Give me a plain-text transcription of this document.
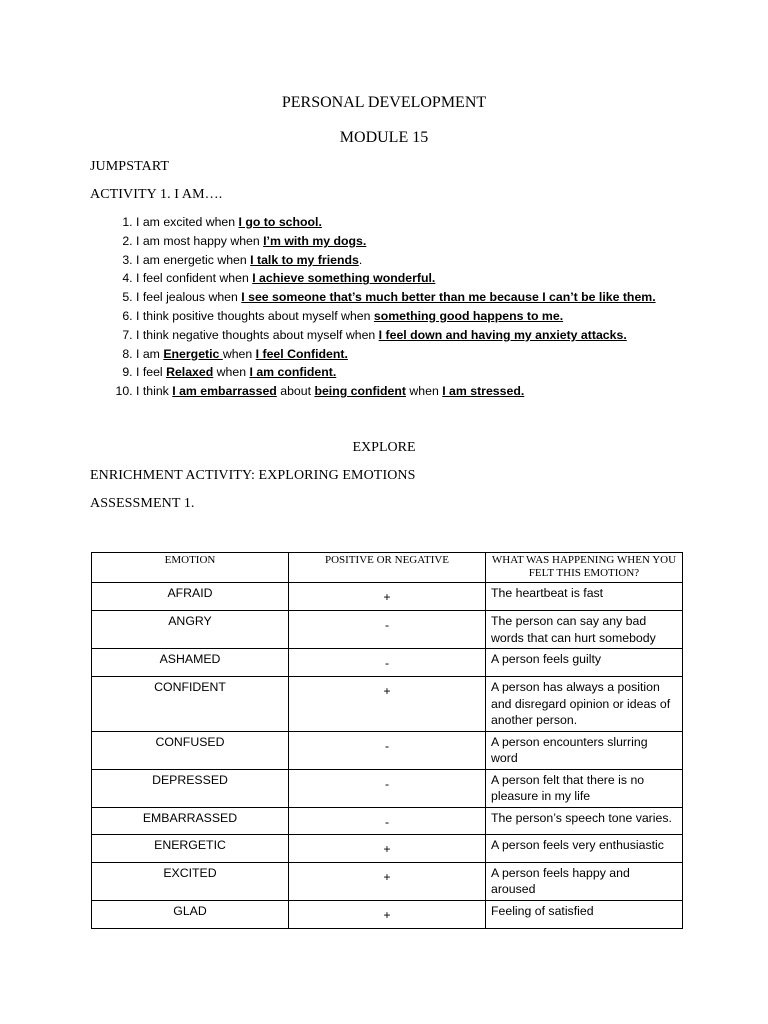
PERSONAL DEVELOPMENT
MODULE 15
JUMPSTART
ACTIVITY 1. I AM….
1. I am excited when I go to school.
2. I am most happy when I’m with my dogs.
3. I am energetic when I talk to my friends.
4. I feel confident when I achieve something wonderful.
5. I feel jealous when I see someone that’s much better than me because I can’t be like them.
6. I think positive thoughts about myself when something good happens to me.
7. I think negative thoughts about myself when I feel down and having my anxiety attacks.
8. I am Energetic when I feel Confident.
9. I feel Relaxed when I am confident.
10. I think I am embarrassed about being confident when I am stressed.
EXPLORE
ENRICHMENT ACTIVITY: EXPLORING EMOTIONS
ASSESSMENT 1.
EMOTION	POSITIVE OR NEGATIVE	WHAT WAS HAPPENING WHEN YOU FELT THIS EMOTION?
AFRAID	+	The heartbeat is fast
ANGRY	-	The person can say any bad words that can hurt somebody
ASHAMED	-	A person feels guilty
CONFIDENT	+	A person has always a position and disregard opinion or ideas of another person.
CONFUSED	-	A person encounters slurring word
DEPRESSED	-	A person felt that there is no pleasure in my life
EMBARRASSED	-	The person’s speech tone varies.
ENERGETIC	+	A person feels very enthusiastic
EXCITED	+	A person feels happy and aroused
GLAD	+	Feeling of satisfied
